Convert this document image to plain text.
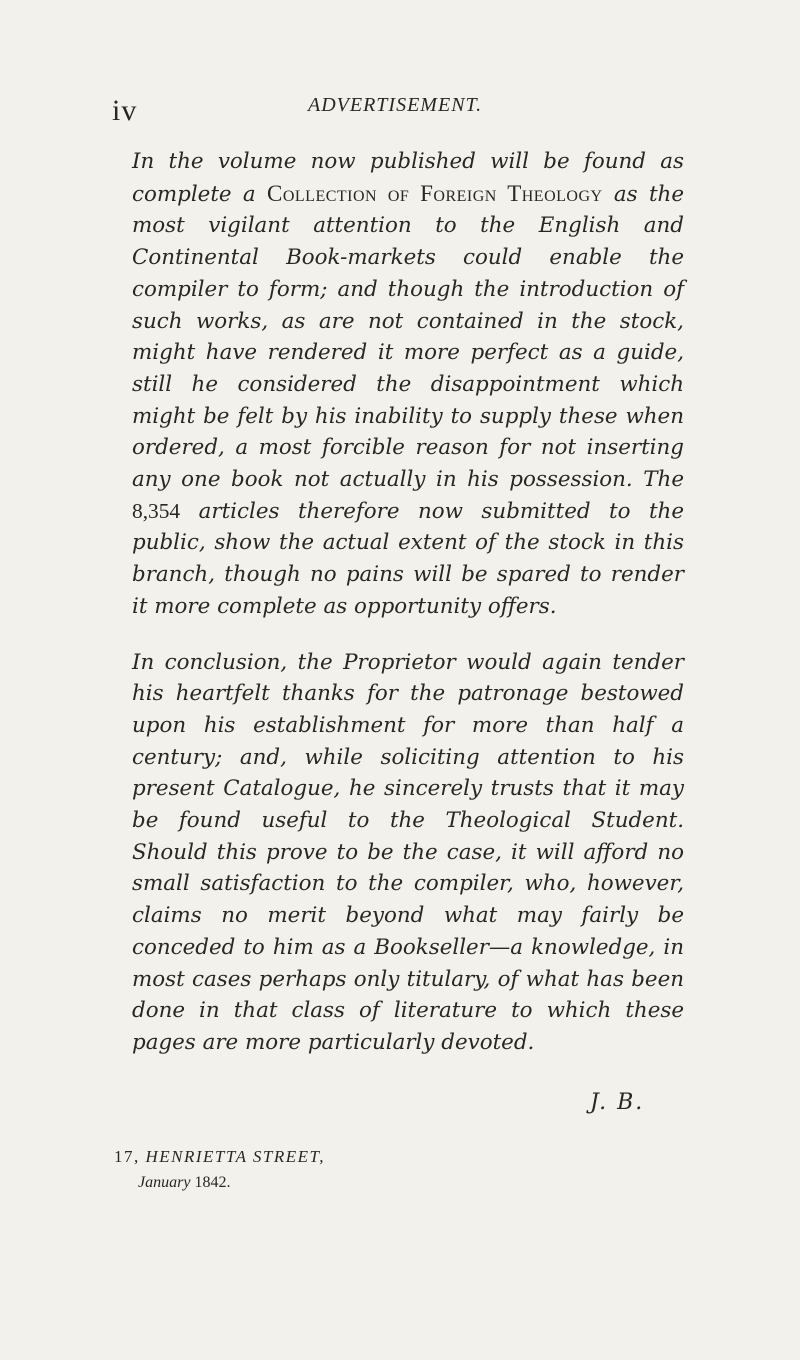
iv	ADVERTISEMENT.

In the volume now published will be found as complete a Collection of Foreign Theology as the most vigilant attention to the English and Continental Book-markets could enable the compiler to form; and though the introduction of such works, as are not contained in the stock, might have rendered it more perfect as a guide, still he considered the disappointment which might be felt by his inability to supply these when ordered, a most forcible reason for not inserting any one book not actually in his possession. The 8,354 articles therefore now submitted to the public, show the actual extent of the stock in this branch, though no pains will be spared to render it more complete as opportunity offers.

In conclusion, the Proprietor would again tender his heartfelt thanks for the patronage bestowed upon his establishment for more than half a century; and, while soliciting attention to his present Catalogue, he sincerely trusts that it may be found useful to the Theological Student. Should this prove to be the case, it will afford no small satisfaction to the compiler, who, however, claims no merit beyond what may fairly be conceded to him as a Bookseller—a knowledge, in most cases perhaps only titulary, of what has been done in that class of literature to which these pages are more particularly devoted.

J. B.
17, HENRIETTA STREET,
January 1842.
